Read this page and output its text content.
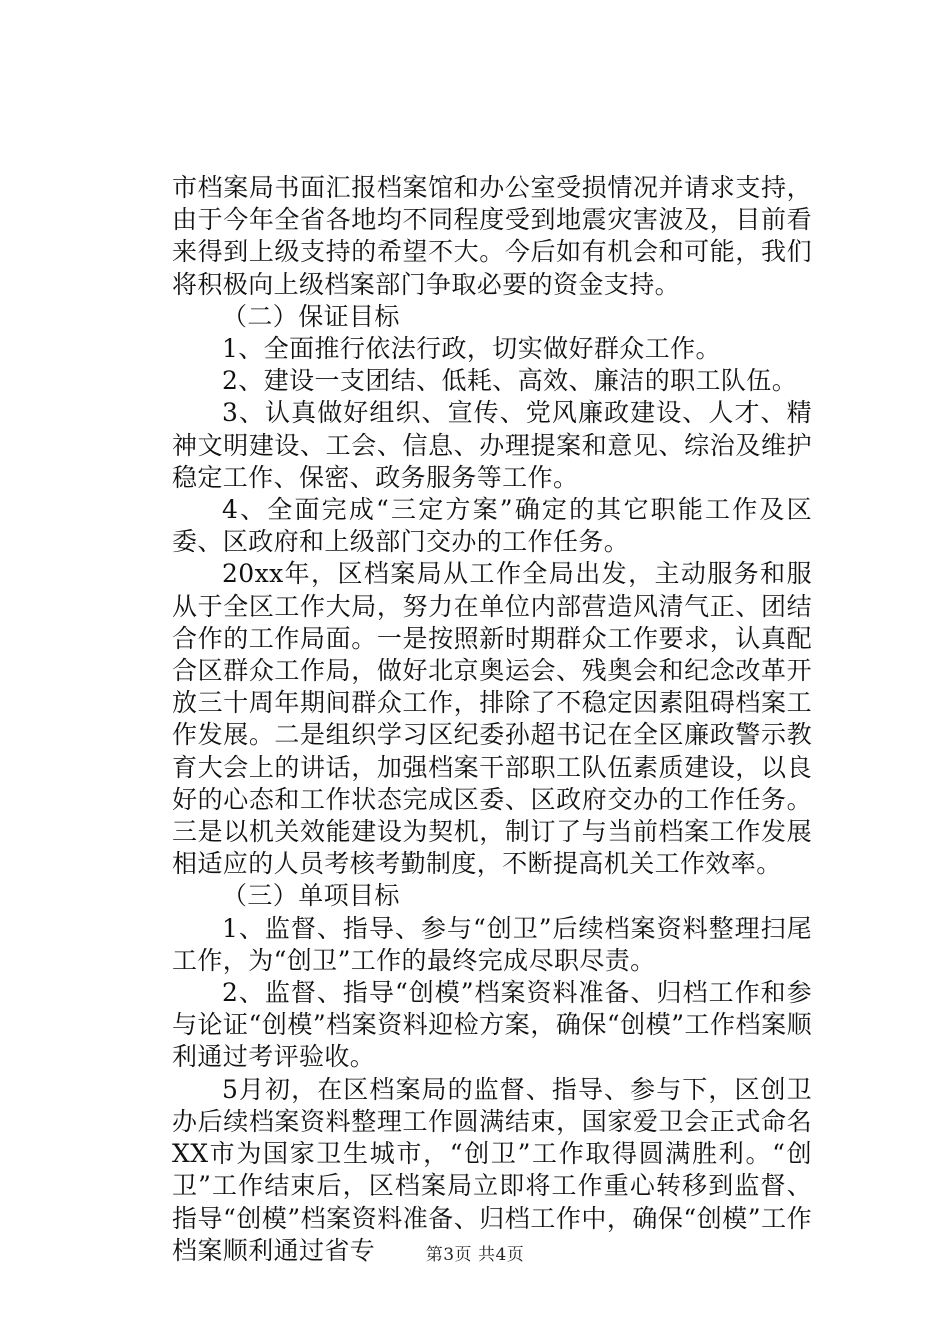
市档案局书面汇报档案馆和办公室受损情况并请求支持，由于今年全省各地均不同程度受到地震灾害波及，目前看来得到上级支持的希望不大。今后如有机会和可能，我们将积极向上级档案部门争取必要的资金支持。

（二）保证目标

1、全面推行依法行政，切实做好群众工作。

2、建设一支团结、低耗、高效、廉洁的职工队伍。

3、认真做好组织、宣传、党风廉政建设、人才、精神文明建设、工会、信息、办理提案和意见、综治及维护稳定工作、保密、政务服务等工作。

4、全面完成“三定方案”确定的其它职能工作及区委、区政府和上级部门交办的工作任务。

20xx年，区档案局从工作全局出发，主动服务和服从于全区工作大局，努力在单位内部营造风清气正、团结合作的工作局面。一是按照新时期群众工作要求，认真配合区群众工作局，做好北京奥运会、残奥会和纪念改革开放三十周年期间群众工作，排除了不稳定因素阻碍档案工作发展。二是组织学习区纪委孙超书记在全区廉政警示教育大会上的讲话，加强档案干部职工队伍素质建设，以良好的心态和工作状态完成区委、区政府交办的工作任务。三是以机关效能建设为契机，制订了与当前档案工作发展相适应的人员考核考勤制度，不断提高机关工作效率。

（三）单项目标

1、监督、指导、参与“创卫”后续档案资料整理扫尾工作，为“创卫”工作的最终完成尽职尽责。

2、监督、指导“创模”档案资料准备、归档工作和参与论证“创模”档案资料迎检方案，确保“创模”工作档案顺利通过考评验收。

5月初，在区档案局的监督、指导、参与下，区创卫办后续档案资料整理工作圆满结束，国家爱卫会正式命名XX市为国家卫生城市，“创卫”工作取得圆满胜利。“创卫”工作结束后，区档案局立即将工作重心转移到监督、指导“创模”档案资料准备、归档工作中，确保“创模”工作档案顺利通过省专	第3页 共4页
